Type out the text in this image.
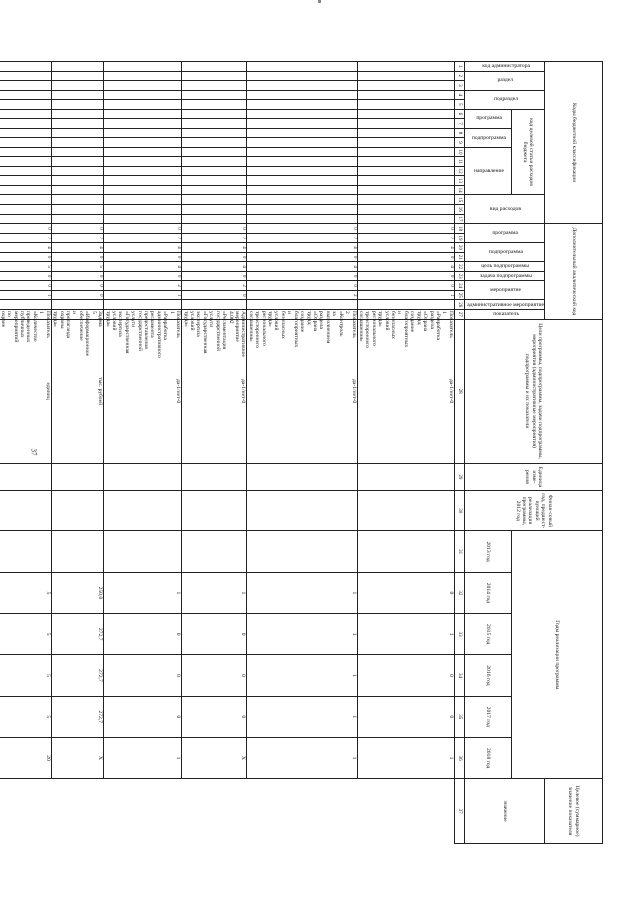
37
Коды бюджетной классификации																	Дополнительный аналитический код										Цели программы, подпрограммы, задачи подпрограммы, мероприятия (административные мероприятия) подпрограммы и их показатели	Единица изме-рения	Финан-совый год, предшест-вующий реализации программы, 2012 год	Годы реализации программы						Целевое (суммарное) значение показателя
код администратора	раздел		подраздел		код целевой статьи расходов бюджета									вид расходов			программа		подпрограмма		цель подпрограммы	задача подпрограммы	мероприятие		административное мероприятие	показатель										значение
					программа		подпрограмма		направление																					2013 год	2014 год	2015 год	2016 год	2017 год	2018 год	
1	2	3	4	5	6	7	8	9	10	11	12	13	14	15	16	17	18	19	20	21	22	23	24	25	26	27	28	29	30	31	32	33	34	35	36	37
																	0	7	4	0	4	0	0	1		Показатель 1 «Разработка раздела «Охрана труда; создание благоприятных и безопасных условий труда» регионального трехстороннего соглашения»	да-1/нет-0				0	1	0	0	1	
																	0	7	4	0	4	0	0	2		Показатель 2 «Контроль за выполнением раздела «Охрана труда; создание благоприятных и безопасных условий труда» регионального трехстороннего соглашения»	да-1/нет-0				1	1	1	1	1	
																	0	7	4	0	4	0	2	0		Административное мероприятие 4.002 «Регламентация государственной услуги «Государственная экспертиза условий труда»	да-1/нет-0				1	0	0	0	X	
																	0	7	4	0	4	0	2	1		Показатель 1 «Разработка административного регламента предоставления государственной услуги «Государственная экспертиза условий труда»	да-1/нет-0				1	0	0	0	1	
																	0	7	4	0	5	0	0	0		Задача 5 «Информационное обеспечение и пропаганда охраны труда»	тыс. рублей				250,0	272,7	272,7	272,7	X	
																	0	7	4	0	5	0	0	1		Показатель 1 «Количество проведенных публичных мероприятий по охране	единиц				5	5	5	5	20	
